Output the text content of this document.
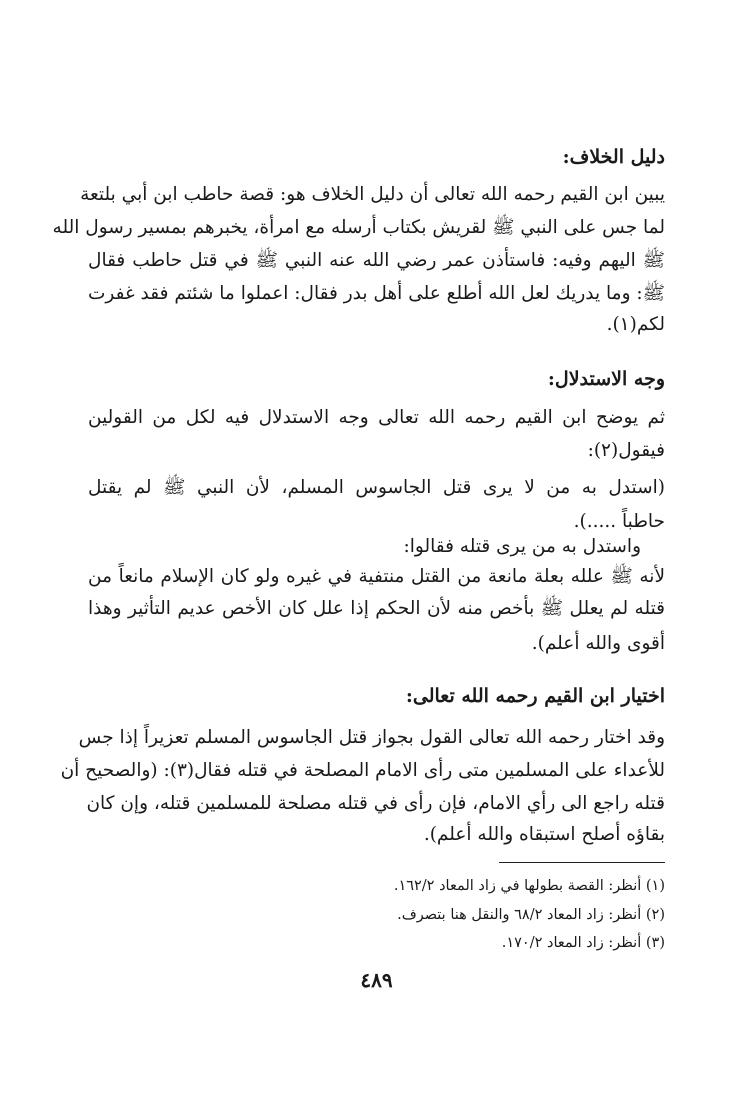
دليل الخلاف:
يبين ابن القيم رحمه الله تعالى أن دليل الخلاف هو: قصة حاطب ابن أبي بلتعة
لما جس على النبي ﷺ لقريش بكتاب أرسله مع امرأة، يخبرهم بمسير رسول الله
ﷺ اليهم وفيه: فاستأذن عمر رضي الله عنه النبي ﷺ في قتل حاطب فقال
ﷺ: وما يدريك لعل الله أطلع على أهل بدر فقال: اعملوا ما شئتم فقد غفرت
لكم(١).
وجه الاستدلال:
ثم يوضح ابن القيم رحمه الله تعالى وجه الاستدلال فيه لكل من القولين
فيقول(٢):
(استدل به من لا يرى قتل الجاسوس المسلم، لأن النبي ﷺ لم يقتل
حاطباً .....).
واستدل به من يرى قتله فقالوا:
لأنه ﷺ علله بعلة مانعة من القتل منتفية في غيره ولو كان الإسلام مانعاً من
قتله لم يعلل ﷺ بأخص منه لأن الحكم إذا علل كان الأخص عديم التأثير وهذا
أقوى والله أعلم).
اختيار ابن القيم رحمه الله تعالى:
وقد اختار رحمه الله تعالى القول بجواز قتل الجاسوس المسلم تعزيراً إذا جس
للأعداء على المسلمين متى رأى الامام المصلحة في قتله فقال(٣): (والصحيح أن
قتله راجع الى رأي الامام، فإن رأى في قتله مصلحة للمسلمين قتله، وإن كان
بقاؤه أصلح استبقاه والله أعلم).
(١) أنظر: القصة بطولها في زاد المعاد ١٦٢/٢.
(٢) أنظر: زاد المعاد ٦٨/٢ والنقل هنا بتصرف.
(٣) أنظر: زاد المعاد ١٧٠/٢.
٤٨٩
